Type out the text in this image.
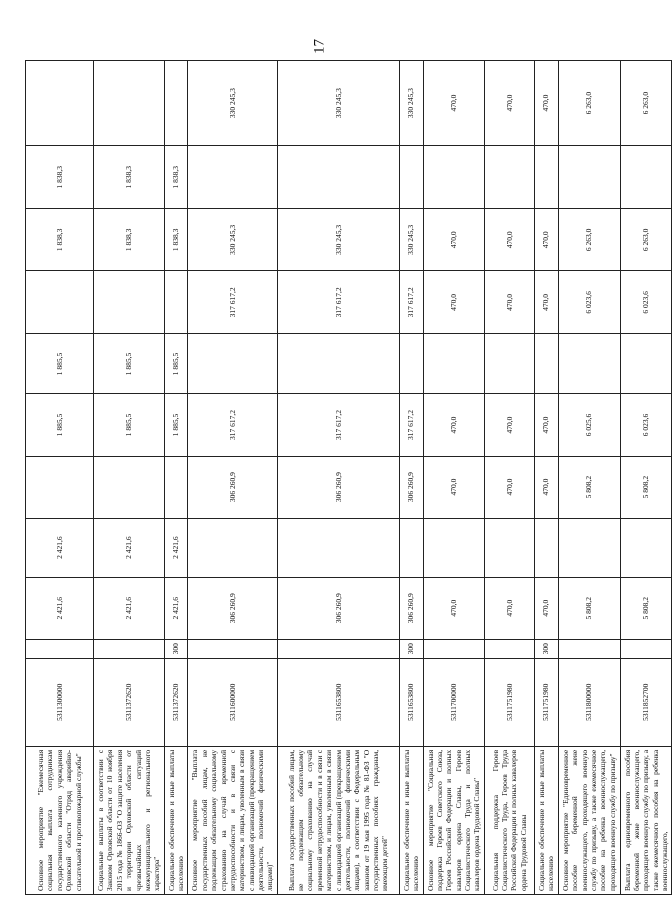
17
Основное мероприятие "Ежемесячная социальная выплата сотрудникам государственного казенного учреждения Орловской области "Отряд аварийно-спасательной и противопожарной службы"	5311300000		2 421,6	2 421,6		1 885,5	1 885,5		1 838,3	1 838,3	
Социальные выплаты в соответствии с Законом Орловской области от 10 ноября 2015 года № 1866-ОЗ "О защите населения и территории Орловской области от чрезвычайных ситуаций межмуниципального и регионального характера"	5311372620		2 421,6	2 421,6		1 885,5	1 885,5		1 838,3	1 838,3	
Социальное обеспечение и иные выплаты населению	5311372620	300	2 421,6	2 421,6		1 885,5	1 885,5		1 838,3	1 838,3	
Основное мероприятие "Выплата государственных пособий лицам, не подлежащим обязательному социальному страхованию на случай временной нетрудоспособности и в связи с материнством, и лицам, уволенным в связи с ликвидацией организаций (прекращением деятельности, полномочий физическими лицами)"	5311600000		306 260,9		306 260,9	317 617,2		317 617,2	330 245,3		330 245,3
Выплата государственных пособий лицам, не подлежащим обязательному социальному страхованию на случай временной нетрудоспособности и в связи с материнством, и лицам, уволенным в связи с ликвидацией организаций (прекращением деятельности, полномочий физическими лицами), в соответствии с Федеральным законом от 19 мая 1995 года № 81-ФЗ "О государственных пособиях гражданам, имеющим детей"	5311653800		306 260,9		306 260,9	317 617,2		317 617,2	330 245,3		330 245,3
Социальное обеспечение и иные выплаты населению	5311653800	300	306 260,9		306 260,9	317 617,2		317 617,2	330 245,3		330 245,3
Основное мероприятие "Социальная поддержка Героев Советского Союза, Героев Российской Федерации и полных кавалеров ордена Славы, Героев Социалистического Труда и полных кавалеров ордена Трудовой Славы"	5311700000		470,0		470,0	470,0		470,0	470,0		470,0
Социальная поддержка Героев Социалистического Труда, Героев Труда Российской Федерации и полных кавалеров ордена Трудовой Славы	5311751980		470,0		470,0	470,0		470,0	470,0		470,0
Социальное обеспечение и иные выплаты населению	5311751980	300	470,0		470,0	470,0		470,0	470,0		470,0
Основное мероприятие "Единовременное пособие беременной жене военнослужащего, проходящего военную службу по призыву, а также ежемесячное пособие на ребенка военнослужащего, проходящего военную службу по призыву"	5311800000		5 808,2		5 808,2	6 025,6		6 023,6	6 263,0		6 263,0
Выплата единовременного пособия беременной жене военнослужащего, проходящего военную службу по призыву, а также ежемесячного пособия на ребенка военнослужащего,	5311852700		5 808,2		5 808,2	6 023,6		6 023,6	6 263,0		6 263,0
